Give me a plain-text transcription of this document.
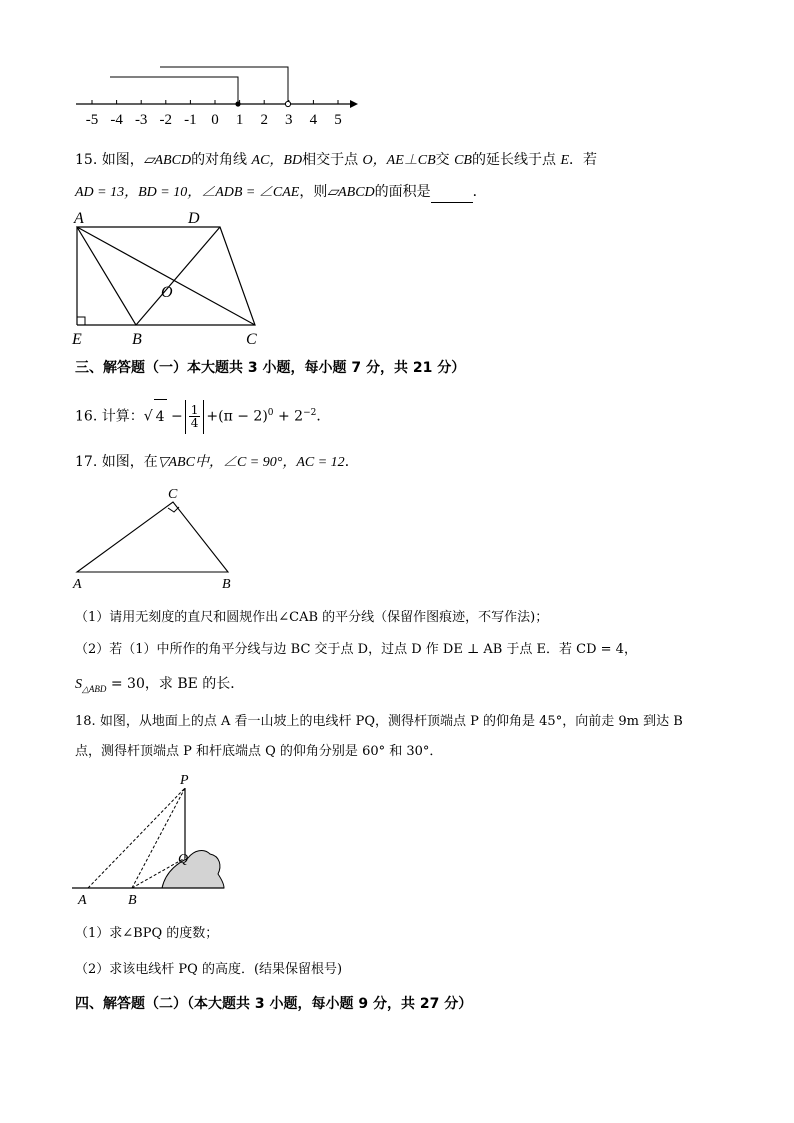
-5 -4 -3 -2 -1 0 1 2 3 4 5
15. 如图，▱ABCD的对角线 AC，BD相交于点 O，AE⊥CB交 CB的延长线于点 E．若
AD = 13，BD = 10，∠ADB = ∠CAE，则▱ABCD的面积是	．
A	D
O
E	B	C
三、解答题（一）本大题共 3 小题，每小题 7 分，共 21 分）
16. 计算：√ $4 - \frac{1}{4} +(\pi - 2)^0 + 2^{-2}$．
17. 如图，在▽ABC中，∠C = 90°，AC = 12．
C
A	B
（1）请用无刻度的直尺和圆规作出∠CAB 的平分线（保留作图痕迹，不写作法)；
（2）若（1）中所作的角平分线与边 BC 交于点 D，过点 D 作 DE ⊥ AB 于点 E．若 CD = 4，
$S_{\triangle ABD} = 30$，求 BE 的长．
18. 如图，从地面上的点 A 看一山坡上的电线杆 PQ，测得杆顶端点 P 的仰角是 45°，向前走 9m 到达 B
点，测得杆顶端点 P 和杆底端点 Q 的仰角分别是 60° 和 30°．
P
Q
A	B
（1）求∠BPQ 的度数；
（2）求该电线杆 PQ 的高度．(结果保留根号)
四、解答题（二）（本大题共 3 小题，每小题 9 分，共 27 分）
